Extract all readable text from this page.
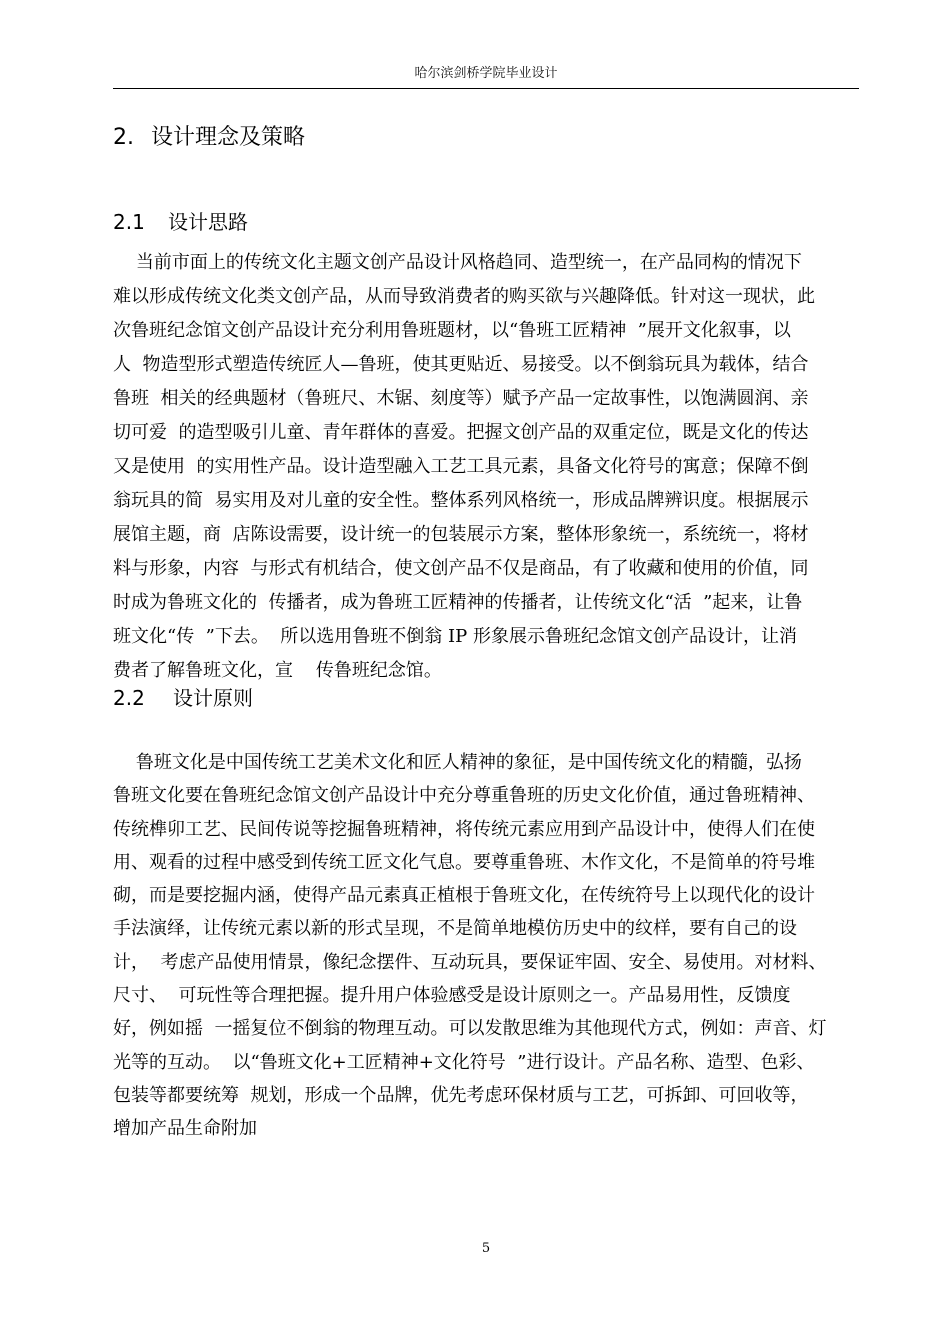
哈尔滨剑桥学院毕业设计
2. 设计理念及策略
2.1 设计思路
当前市面上的传统文化主题文创产品设计风格趋同、造型统一，在产品同构的情况下
难以形成传统文化类文创产品，从而导致消费者的购买欲与兴趣降低。针对这一现状，此
次鲁班纪念馆文创产品设计充分利用鲁班题材，以“鲁班工匠精神  ”展开文化叙事，以
人  物造型形式塑造传统匠人—鲁班，使其更贴近、易接受。以不倒翁玩具为载体，结合
鲁班  相关的经典题材（鲁班尺、木锯、刻度等）赋予产品一定故事性，以饱满圆润、亲
切可爱  的造型吸引儿童、青年群体的喜爱。把握文创产品的双重定位，既是文化的传达
又是使用  的实用性产品。设计造型融入工艺工具元素，具备文化符号的寓意；保障不倒
翁玩具的简  易实用及对儿童的安全性。整体系列风格统一，形成品牌辨识度。根据展示
展馆主题，商  店陈设需要，设计统一的包装展示方案，整体形象统一，系统统一，将材
料与形象，内容  与形式有机结合，使文创产品不仅是商品，有了收藏和使用的价值，同
时成为鲁班文化的  传播者，成为鲁班工匠精神的传播者，让传统文化“活  ”起来，让鲁
班文化“传  ”下去。  所以选用鲁班不倒翁 IP 形象展示鲁班纪念馆文创产品设计，让消
费者了解鲁班文化，宣    传鲁班纪念馆。
2.2 设计原则
鲁班文化是中国传统工艺美术文化和匠人精神的象征，是中国传统文化的精髓，弘扬
鲁班文化要在鲁班纪念馆文创产品设计中充分尊重鲁班的历史文化价值，通过鲁班精神、
传统榫卯工艺、民间传说等挖掘鲁班精神，将传统元素应用到产品设计中，使得人们在使
用、观看的过程中感受到传统工匠文化气息。要尊重鲁班、木作文化，不是简单的符号堆
砌，而是要挖掘内涵，使得产品元素真正植根于鲁班文化，在传统符号上以现代化的设计
手法演绎，让传统元素以新的形式呈现，不是简单地模仿历史中的纹样，要有自己的设
计，  考虑产品使用情景，像纪念摆件、互动玩具，要保证牢固、安全、易使用。对材料、
尺寸、  可玩性等合理把握。提升用户体验感受是设计原则之一。产品易用性，反馈度
好，例如摇  一摇复位不倒翁的物理互动。可以发散思维为其他现代方式，例如：声音、灯
光等的互动。  以“鲁班文化+工匠精神+文化符号  ”进行设计。产品名称、造型、色彩、
包装等都要统筹  规划，形成一个品牌，优先考虑环保材质与工艺，可拆卸、可回收等，
增加产品生命附加
5
